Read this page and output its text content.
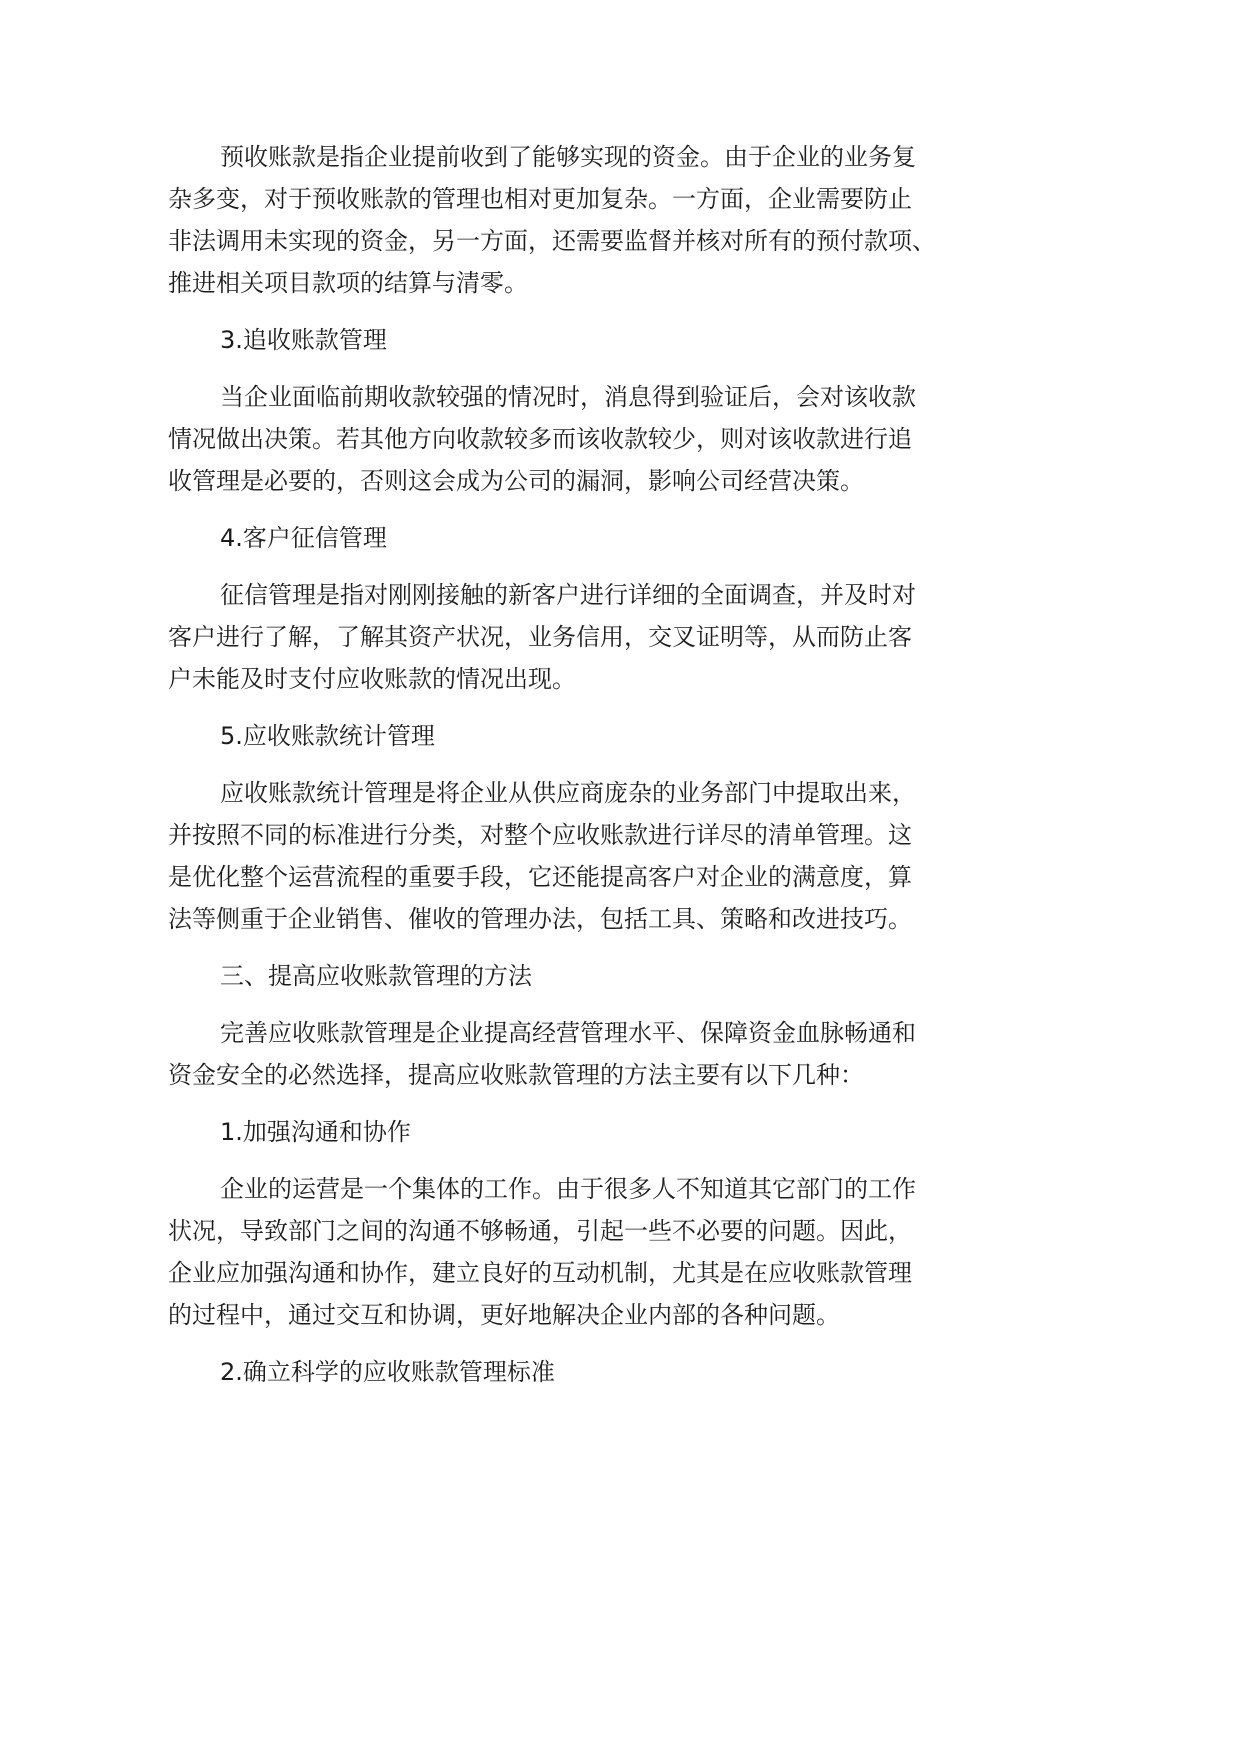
预收账款是指企业提前收到了能够实现的资金。由于企业的业务复
杂多变，对于预收账款的管理也相对更加复杂。一方面，企业需要防止
非法调用未实现的资金，另一方面，还需要监督并核对所有的预付款项、
推进相关项目款项的结算与清零。
3.追收账款管理
当企业面临前期收款较强的情况时，消息得到验证后，会对该收款
情况做出决策。若其他方向收款较多而该收款较少，则对该收款进行追
收管理是必要的，否则这会成为公司的漏洞，影响公司经营决策。
4.客户征信管理
征信管理是指对刚刚接触的新客户进行详细的全面调查，并及时对
客户进行了解，了解其资产状况，业务信用，交叉证明等，从而防止客
户未能及时支付应收账款的情况出现。
5.应收账款统计管理
应收账款统计管理是将企业从供应商庞杂的业务部门中提取出来，
并按照不同的标准进行分类，对整个应收账款进行详尽的清单管理。这
是优化整个运营流程的重要手段，它还能提高客户对企业的满意度，算
法等侧重于企业销售、催收的管理办法，包括工具、策略和改进技巧。
三、提高应收账款管理的方法
完善应收账款管理是企业提高经营管理水平、保障资金血脉畅通和
资金安全的必然选择，提高应收账款管理的方法主要有以下几种：
1.加强沟通和协作
企业的运营是一个集体的工作。由于很多人不知道其它部门的工作
状况，导致部门之间的沟通不够畅通，引起一些不必要的问题。因此，
企业应加强沟通和协作，建立良好的互动机制，尤其是在应收账款管理
的过程中，通过交互和协调，更好地解决企业内部的各种问题。
2.确立科学的应收账款管理标准
